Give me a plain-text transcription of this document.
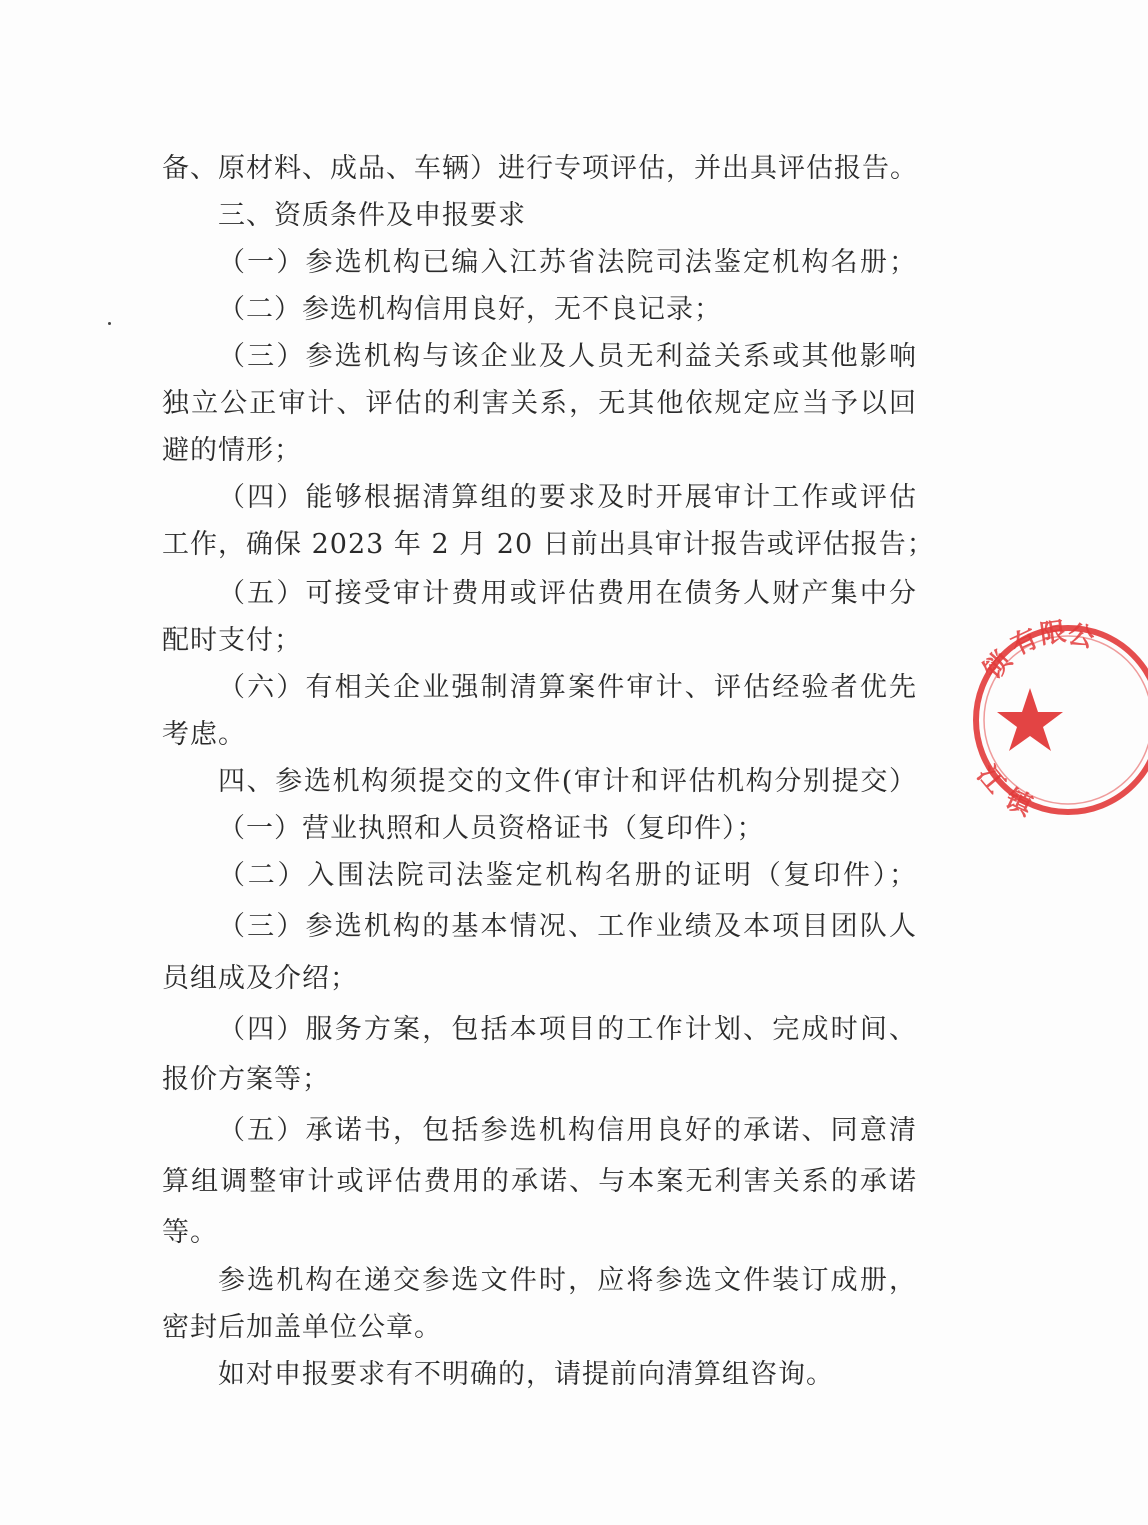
备、原材料、成品、车辆）进行专项评估，并出具评估报告。
三、资质条件及申报要求
（一）参选机构已编入江苏省法院司法鉴定机构名册；
（二）参选机构信用良好，无不良记录；
（三）参选机构与该企业及人员无利益关系或其他影响
独立公正审计、评估的利害关系，无其他依规定应当予以回
避的情形；
（四）能够根据清算组的要求及时开展审计工作或评估
工作，确保 2023 年 2 月 20 日前出具审计报告或评估报告；
（五）可接受审计费用或评估费用在债务人财产集中分
配时支付；
（六）有相关企业强制清算案件审计、评估经验者优先
考虑。
四、参选机构须提交的文件(审计和评估机构分别提交）
（一）营业执照和人员资格证书（复印件）；
（二）入围法院司法鉴定机构名册的证明（复印件）；
（三）参选机构的基本情况、工作业绩及本项目团队人
员组成及介绍；
（四）服务方案，包括本项目的工作计划、完成时间、
报价方案等；
（五）承诺书，包括参选机构信用良好的承诺、同意清
算组调整审计或评估费用的承诺、与本案无利害关系的承诺
等。
参选机构在递交参选文件时，应将参选文件装订成册，
密封后加盖单位公章。
如对申报要求有不明确的，请提前向清算组咨询。
锁
有
限
公
江
镇
